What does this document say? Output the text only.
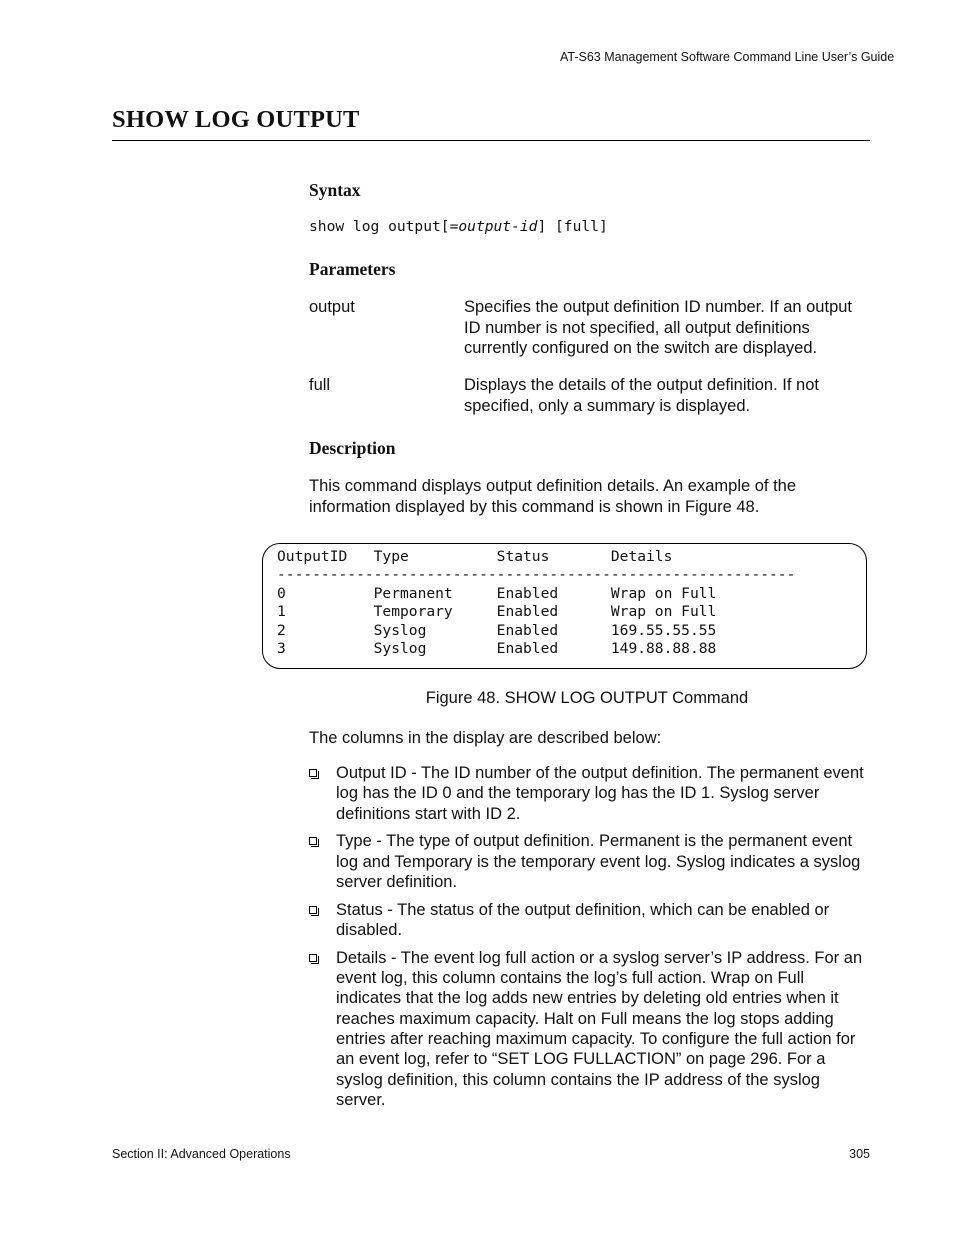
AT-S63 Management Software Command Line User’s Guide
SHOW LOG OUTPUT
Syntax
show log output[=output-id] [full]
Parameters
output	Specifies the output definition ID number. If an output ID number is not specified, all output definitions currently configured on the switch are displayed.
full	Displays the details of the output definition. If not specified, only a summary is displayed.
Description
This command displays output definition details. An example of the information displayed by this command is shown in Figure 48.
OutputID   Type          Status       Details
-----------------------------------------------------------
0          Permanent     Enabled      Wrap on Full
1          Temporary     Enabled      Wrap on Full
2          Syslog        Enabled      169.55.55.55
3          Syslog        Enabled      149.88.88.88
Figure 48. SHOW LOG OUTPUT Command
The columns in the display are described below:
Output ID - The ID number of the output definition. The permanent event log has the ID 0 and the temporary log has the ID 1. Syslog server definitions start with ID 2.
Type - The type of output definition. Permanent is the permanent event log and Temporary is the temporary event log. Syslog indicates a syslog server definition.
Status - The status of the output definition, which can be enabled or disabled.
Details - The event log full action or a syslog server’s IP address. For an event log, this column contains the log’s full action. Wrap on Full indicates that the log adds new entries by deleting old entries when it reaches maximum capacity. Halt on Full means the log stops adding entries after reaching maximum capacity. To configure the full action for an event log, refer to “SET LOG FULLACTION” on page 296. For a syslog definition, this column contains the IP address of the syslog server.
Section II: Advanced Operations	305
